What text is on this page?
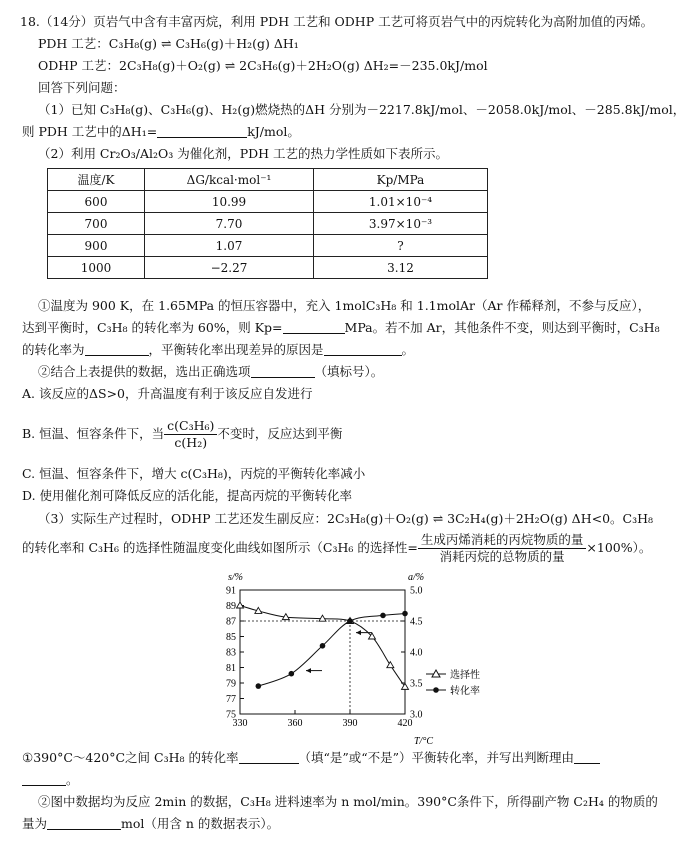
18.（14分）页岩气中含有丰富丙烷，利用 PDH 工艺和 ODHP 工艺可将页岩气中的丙烷转化为高附加值的丙烯。
PDH 工艺：C₃H₈(g) ⇌ C₃H₆(g)＋H₂(g) ΔH₁
ODHP 工艺：2C₃H₈(g)＋O₂(g) ⇌ 2C₃H₆(g)＋2H₂O(g) ΔH₂=－235.0kJ/mol
回答下列问题：
（1）已知 C₃H₈(g)、C₃H₆(g)、H₂(g)燃烧热的ΔH 分别为－2217.8kJ/mol、－2058.0kJ/mol、－285.8kJ/mol，
则 PDH 工艺中的ΔH₁=	kJ/mol。
（2）利用 Cr₂O₃/Al₂O₃ 为催化剂，PDH 工艺的热力学性质如下表所示。
温度/K	ΔG/kcal·mol⁻¹	Kp/MPa
600	10.99	1.01×10⁻⁴
700	7.70	3.97×10⁻³
900	1.07	?
1000	−2.27	3.12
①温度为 900 K，在 1.65MPa 的恒压容器中，充入 1molC₃H₈ 和 1.1molAr（Ar 作稀释剂，不参与反应），
达到平衡时，C₃H₈ 的转化率为 60%，则 Kp=	MPa。若不加 Ar，其他条件不变，则达到平衡时，C₃H₈
的转化率为	，平衡转化率出现差异的原因是	。
②结合上表提供的数据，选出正确选项	（填标号）。
A. 该反应的ΔS>0，升高温度有利于该反应自发进行
B. 恒温、恒容条件下，当 $\frac{\text{c(C₃H₆)}}{\text{c(H₂)}}$ 不变时，反应达到平衡
C. 恒温、恒容条件下，增大 c(C₃H₈)，丙烷的平衡转化率减小
D. 使用催化剂可降低反应的活化能，提高丙烷的平衡转化率
（3）实际生产过程时，ODHP 工艺还发生副反应：2C₃H₈(g)＋O₂(g) ⇌ 3C₂H₄(g)＋2H₂O(g) ΔH<0。C₃H₈
的转化率和 C₃H₆ 的选择性随温度变化曲线如图所示（C₃H₆ 的选择性= $\frac{\text{生成丙烯消耗的丙烷物质的量}}{\text{消耗丙烷的总物质的量}} \times 100\%$）。
s/%	a/%
T/°C
选择性
转化率
75
77
79
81
83
85
87
89
91
3.0
3.5
4.0
4.5
5.0
330	360	390	420
①390°C～420°C之间 C₃H₈ 的转化率	（填“是”或“不是”）平衡转化率，并写出判断理由
。
②图中数据均为反应 2min 的数据，C₃H₈ 进料速率为 n mol/min。390°C条件下，所得副产物 C₂H₄ 的物质的
量为	mol（用含 n 的数据表示）。
